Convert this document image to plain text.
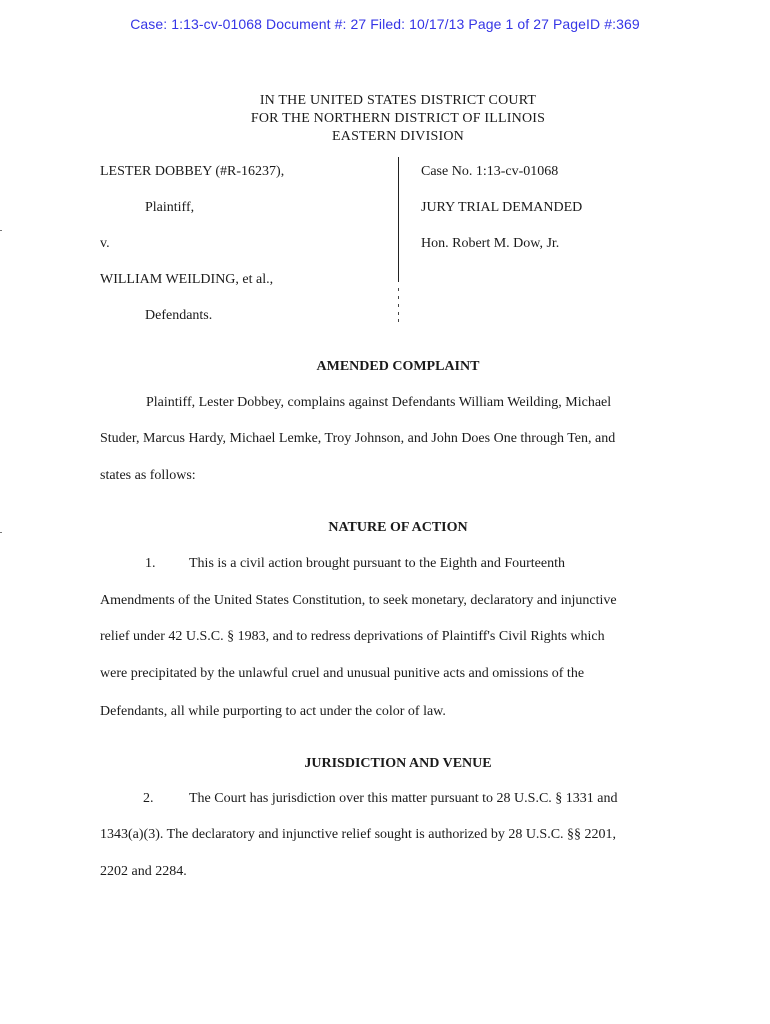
Case: 1:13-cv-01068 Document #: 27 Filed: 10/17/13 Page 1 of 27 PageID #:369
IN THE UNITED STATES DISTRICT COURT
FOR THE NORTHERN DISTRICT OF ILLINOIS
EASTERN DIVISION
LESTER DOBBEY (#R-16237),
Plaintiff,
v.
WILLIAM WEILDING, et al.,
Defendants.
Case No. 1:13-cv-01068
JURY TRIAL DEMANDED
Hon. Robert M. Dow, Jr.
AMENDED COMPLAINT
Plaintiff, Lester Dobbey, complains against Defendants William Weilding, Michael
Studer, Marcus Hardy, Michael Lemke, Troy Johnson, and John Does One through Ten, and
states as follows:
NATURE OF ACTION
1. This is a civil action brought pursuant to the Eighth and Fourteenth
Amendments of the United States Constitution, to seek monetary, declaratory and injunctive
relief under 42 U.S.C. § 1983, and to redress deprivations of Plaintiff's Civil Rights which
were precipitated by the unlawful cruel and unusual punitive acts and omissions of the
Defendants, all while purporting to act under the color of law.
JURISDICTION AND VENUE
2.	The Court has jurisdiction over this matter pursuant to 28 U.S.C. § 1331 and
1343(a)(3). The declaratory and injunctive relief sought is authorized by 28 U.S.C. §§ 2201,
2202 and 2284.
